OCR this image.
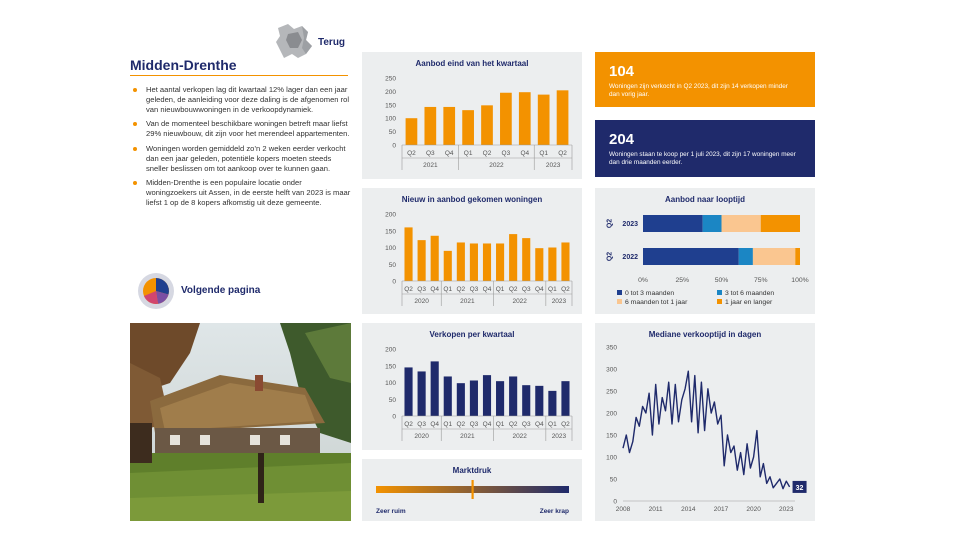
Terug
Midden-Drenthe
Het aantal verkopen lag dit kwartaal 12% lager dan een jaar geleden, de aanleiding voor deze daling is de afgenomen rol van nieuwbouwwoningen in de verkoopdynamiek.
Van de momenteel beschikbare woningen betreft maar liefst 29% nieuwbouw, dit zijn voor het merendeel appartementen.
Woningen worden gemiddeld zo’n 2 weken eerder verkocht dan een jaar geleden, potentiële kopers moeten steeds sneller beslissen om tot aankoop over te kunnen gaan.
Midden-Drenthe is een populaire locatie onder woningzoekers uit Assen, in de eerste helft van 2023 is maar liefst 1 op de 8 kopers afkomstig uit deze gemeente.
Volgende pagina
Aanbod eind van het kwartaal
0
50
100
150
200
250
Q2 Q3 Q4 Q1 Q2 Q3 Q4 Q1 Q2
2021	2022	2023
Nieuw in aanbod gekomen woningen
0
50
100
150
200
Q2 Q3 Q4 Q1 Q2 Q3 Q4 Q1 Q2 Q3 Q4 Q1 Q2
2020	2021	2022	2023
Verkopen per kwartaal
0
50
100
150
200
Q2 Q3 Q4 Q1 Q2 Q3 Q4 Q1 Q2 Q3 Q4 Q1 Q2
2020	2021	2022	2023
Marktdruk
Zeer ruim	Zeer krap
104
Woningen zijn verkocht in Q2 2023, dit zijn 14 verkopen minder dan vorig jaar.
204
Woningen staan te koop per 1 juli 2023, dit zijn 17 woningen meer dan drie maanden eerder.
Aanbod naar looptijd
2023
Q2
2022
Q2
0%	25%	50%	75%	100%
0 tot 3 maanden	3 tot 6 maanden
6 maanden tot 1 jaar	1 jaar en langer
Mediane verkooptijd in dagen
0
50
100
150
200
250
300
350
2008	2011	2014	2017	2020	2023
32
